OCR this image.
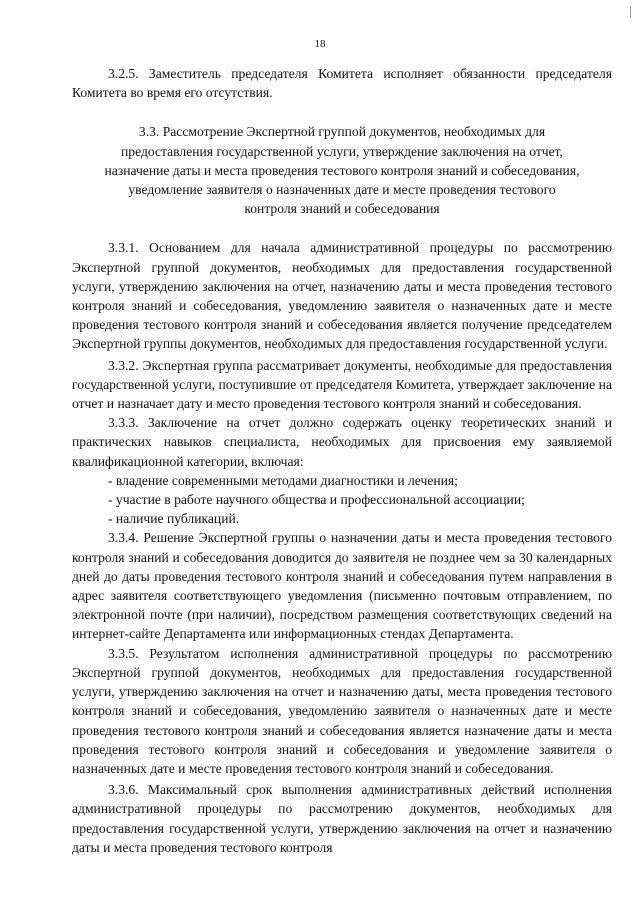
18

3.2.5. Заместитель председателя Комитета исполняет обязанности председателя Комитета во время его отсутствия.

3.3. Рассмотрение Экспертной группой документов, необходимых для
предоставления государственной услуги, утверждение заключения на отчет,
назначение даты и места проведения тестового контроля знаний и собеседования,
уведомление заявителя о назначенных дате и месте проведения тестового
контроля знаний и собеседования

3.3.1. Основанием для начала административной процедуры по рассмотрению Экспертной группой документов, необходимых для предоставления государственной услуги, утверждению заключения на отчет, назначению даты и места проведения тестового контроля знаний и собеседования, уведомлению заявителя о назначенных дате и месте проведения тестового контроля знаний и собеседования является получение председателем Экспертной группы документов, необходимых для предоставления государственной услуги.

3.3.2. Экспертная группа рассматривает документы, необходимые для предоставления государственной услуги, поступившие от председателя Комитета, утверждает заключение на отчет и назначает дату и место проведения тестового контроля знаний и собеседования.

3.3.3. Заключение на отчет должно содержать оценку теоретических знаний и практических навыков специалиста, необходимых для присвоения ему заявляемой квалификационной категории, включая:

- владение современными методами диагностики и лечения;

- участие в работе научного общества и профессиональной ассоциации;

- наличие публикаций.

3.3.4. Решение Экспертной группы о назначении даты и места проведения тестового контроля знаний и собеседования доводится до заявителя не позднее чем за 30 календарных дней до даты проведения тестового контроля знаний и собеседования путем направления в адрес заявителя соответствующего уведомления (письменно почтовым отправлением, по электронной почте (при наличии), посредством размещения соответствующих сведений на интернет-сайте Департамента или информационных стендах Департамента.

3.3.5. Результатом исполнения административной процедуры по рассмотрению Экспертной группой документов, необходимых для предоставления государственной услуги, утверждению заключения на отчет и назначению даты, места проведения тестового контроля знаний и собеседования, уведомлению заявителя о назначенных дате и месте проведения тестового контроля знаний и собеседования является назначение даты и места проведения тестового контроля знаний и собеседования и уведомление заявителя о назначенных дате и месте проведения тестового контроля знаний и собеседования.

3.3.6. Максимальный срок выполнения административных действий исполнения административной процедуры по рассмотрению документов, необходимых для предоставления государственной услуги, утверждению заключения на отчет и назначению даты и места проведения тестового контроля
